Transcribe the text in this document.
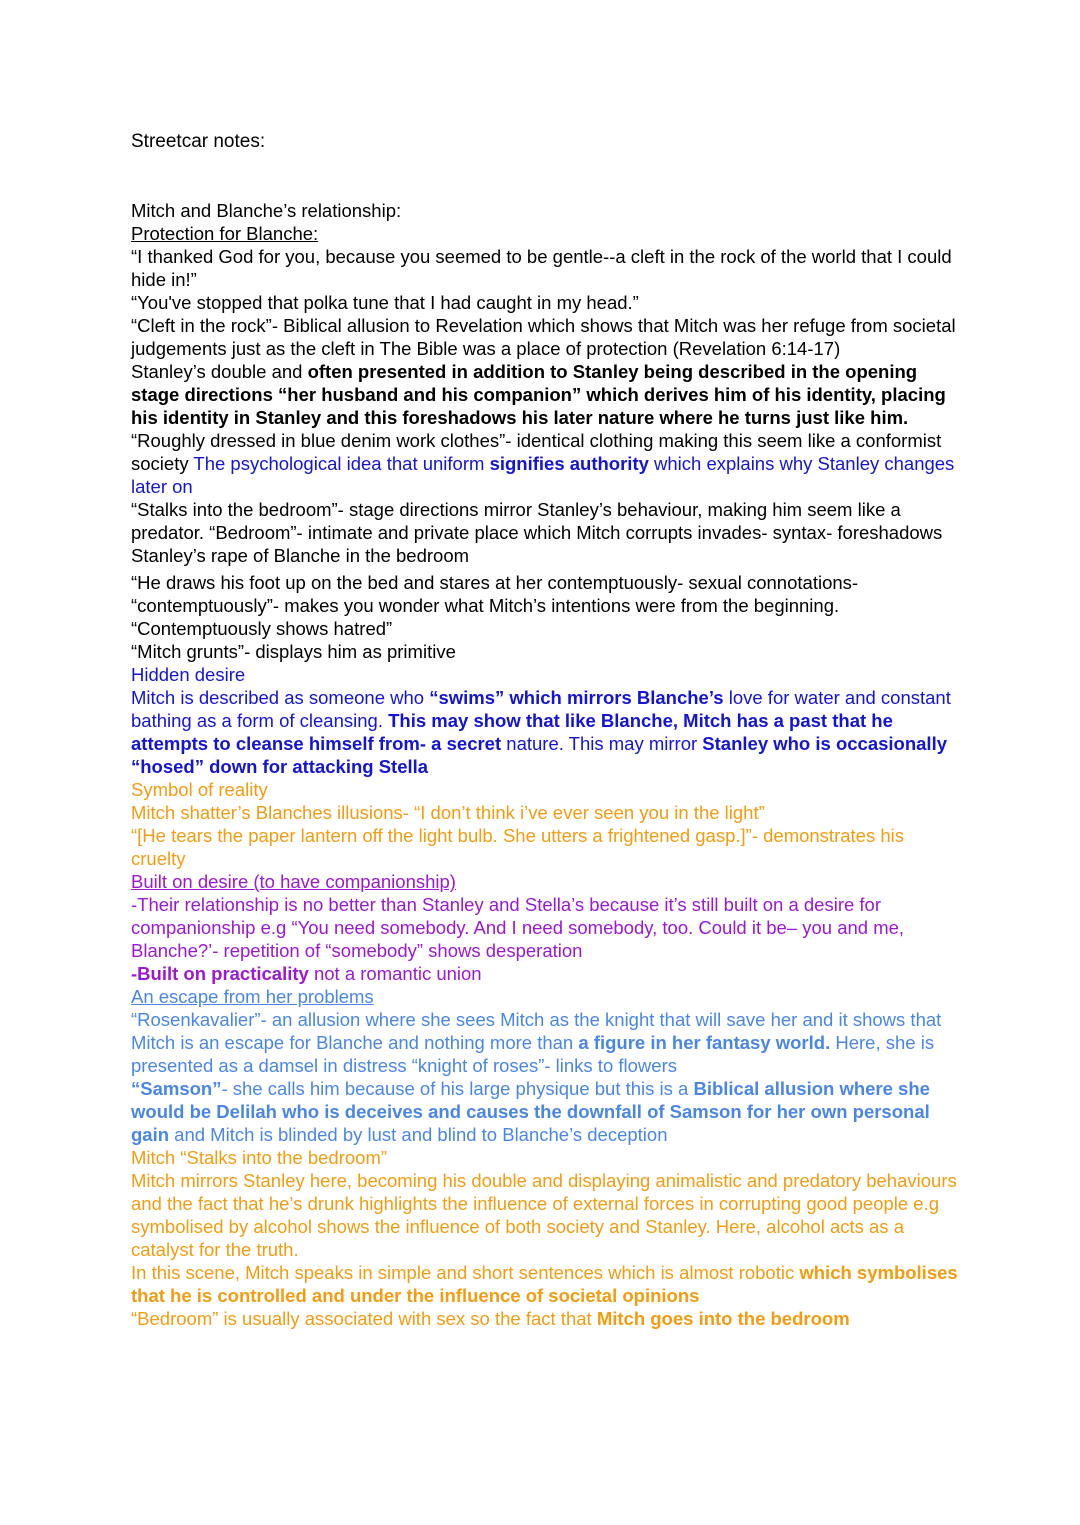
Streetcar notes:

Mitch and Blanche’s relationship:

Protection for Blanche:

“I thanked God for you, because you seemed to be gentle--a cleft in the rock of the world that I could hide in!”

“You've stopped that polka tune that I had caught in my head.”

“Cleft in the rock”- Biblical allusion to Revelation which shows that Mitch was her refuge from societal judgements just as the cleft in The Bible was a place of protection (Revelation 6:14-17)

Stanley’s double and often presented in addition to Stanley being described in the opening stage directions “her husband and his companion” which derives him of his identity, placing his identity in Stanley and this foreshadows his later nature where he turns just like him.

“Roughly dressed in blue denim work clothes”- identical clothing making this seem like a conformist society The psychological idea that uniform signifies authority which explains why Stanley changes later on

“Stalks into the bedroom”- stage directions mirror Stanley’s behaviour, making him seem like a predator. “Bedroom”- intimate and private place which Mitch corrupts invades- syntax- foreshadows Stanley’s rape of Blanche in the bedroom

“He draws his foot up on the bed and stares at her contemptuously- sexual connotations- “contemptuously”- makes you wonder what Mitch’s intentions were from the beginning.

“Contemptuously shows hatred”

“Mitch grunts”- displays him as primitive

Hidden desire

Mitch is described as someone who “swims” which mirrors Blanche’s love for water and constant bathing as a form of cleansing. This may show that like Blanche, Mitch has a past that he attempts to cleanse himself from- a secret nature. This may mirror Stanley who is occasionally “hosed” down for attacking Stella

Symbol of reality

Mitch shatter’s Blanches illusions- “I don’t think i’ve ever seen you in the light”

“[He tears the paper lantern off the light bulb. She utters a frightened gasp.]”- demonstrates his cruelty

Built on desire (to have companionship)

-Their relationship is no better than Stanley and Stella’s because it’s still built on a desire for companionship e.g “You need somebody. And I need somebody, too. Could it be– you and me, Blanche?’- repetition of “somebody” shows desperation

-Built on practicality not a romantic union

An escape from her problems

“Rosenkavalier”- an allusion where she sees Mitch as the knight that will save her and it shows that Mitch is an escape for Blanche and nothing more than a figure in her fantasy world. Here, she is presented as a damsel in distress “knight of roses”- links to flowers

“Samson”- she calls him because of his large physique but this is a Biblical allusion where she would be Delilah who is deceives and causes the downfall of Samson for her own personal gain and Mitch is blinded by lust and blind to Blanche’s deception

Mitch “Stalks into the bedroom”

Mitch mirrors Stanley here, becoming his double and displaying animalistic and predatory behaviours and the fact that he’s drunk highlights the influence of external forces in corrupting good people e.g symbolised by alcohol shows the influence of both society and Stanley. Here, alcohol acts as a catalyst for the truth.

In this scene, Mitch speaks in simple and short sentences which is almost robotic which symbolises that he is controlled and under the influence of societal opinions

“Bedroom” is usually associated with sex so the fact that Mitch goes into the bedroom
